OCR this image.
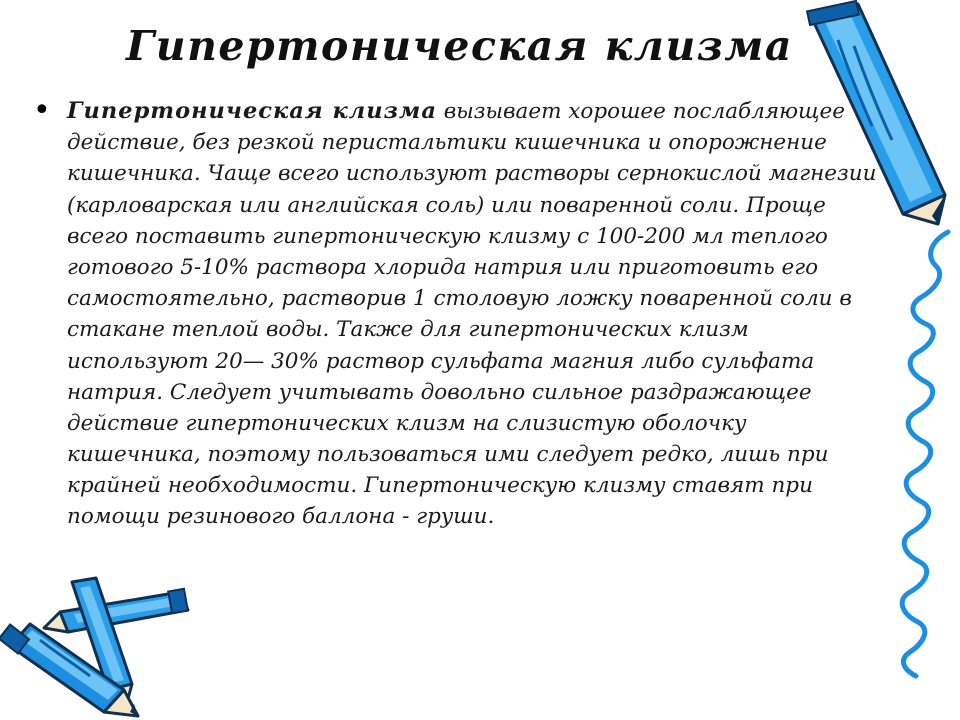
Гипертоническая клизма
• Гипертоническая клизма вызывает хорошее послабляющее
действие, без резкой перистальтики кишечника и опорожнение
кишечника. Чаще всего используют растворы сернокислой магнезии
(карловарская или английская соль) или поваренной соли. Проще
всего поставить гипертоническую клизму с 100-200 мл теплого
готового 5-10% раствора хлорида натрия или приготовить его
самостоятельно, растворив 1 столовую ложку поваренной соли в
стакане теплой воды. Также для гипертонических клизм
используют 20— 30% раствор сульфата магния либо сульфата
натрия. Следует учитывать довольно сильное раздражающее
действие гипертонических клизм на слизистую оболочку
кишечника, поэтому пользоваться ими следует редко, лишь при
крайней необходимости. Гипертоническую клизму ставят при
помощи резинового баллона - груши.
